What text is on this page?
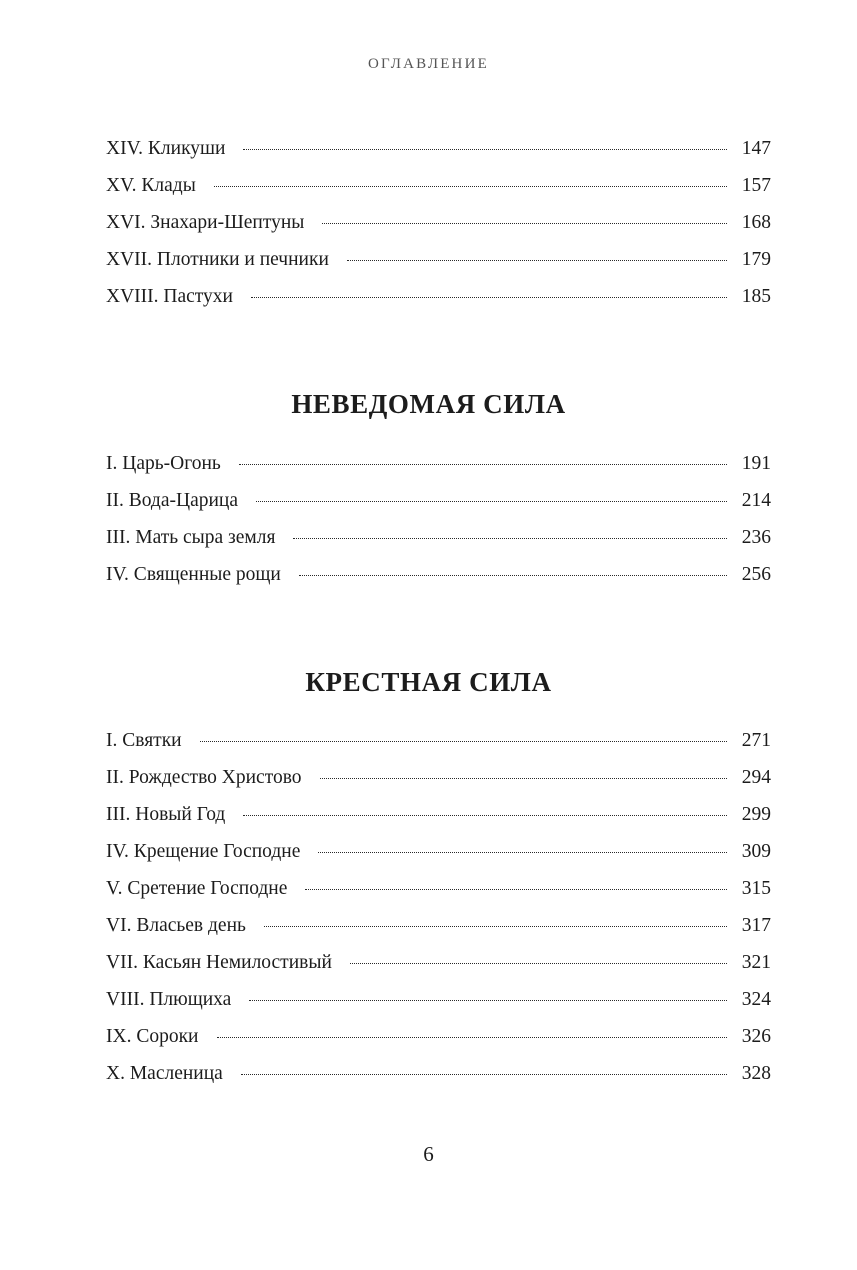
ОГЛАВЛЕНИЕ
XIV. Кликуши	147
XV. Клады	157
XVI. Знахари-Шептуны	168
XVII. Плотники и печники	179
XVIII. Пастухи	185
НЕВЕДОМАЯ СИЛА
I. Царь-Огонь	191
II. Вода-Царица	214
III. Мать сыра земля	236
IV. Священные рощи	256
КРЕСТНАЯ СИЛА
I. Святки	271
II. Рождество Христово	294
III. Новый Год	299
IV. Крещение Господне	309
V. Сретение Господне	315
VI. Власьев день	317
VII. Касьян Немилостивый	321
VIII. Плющиха	324
IX. Сороки	326
X. Масленица	328
6
